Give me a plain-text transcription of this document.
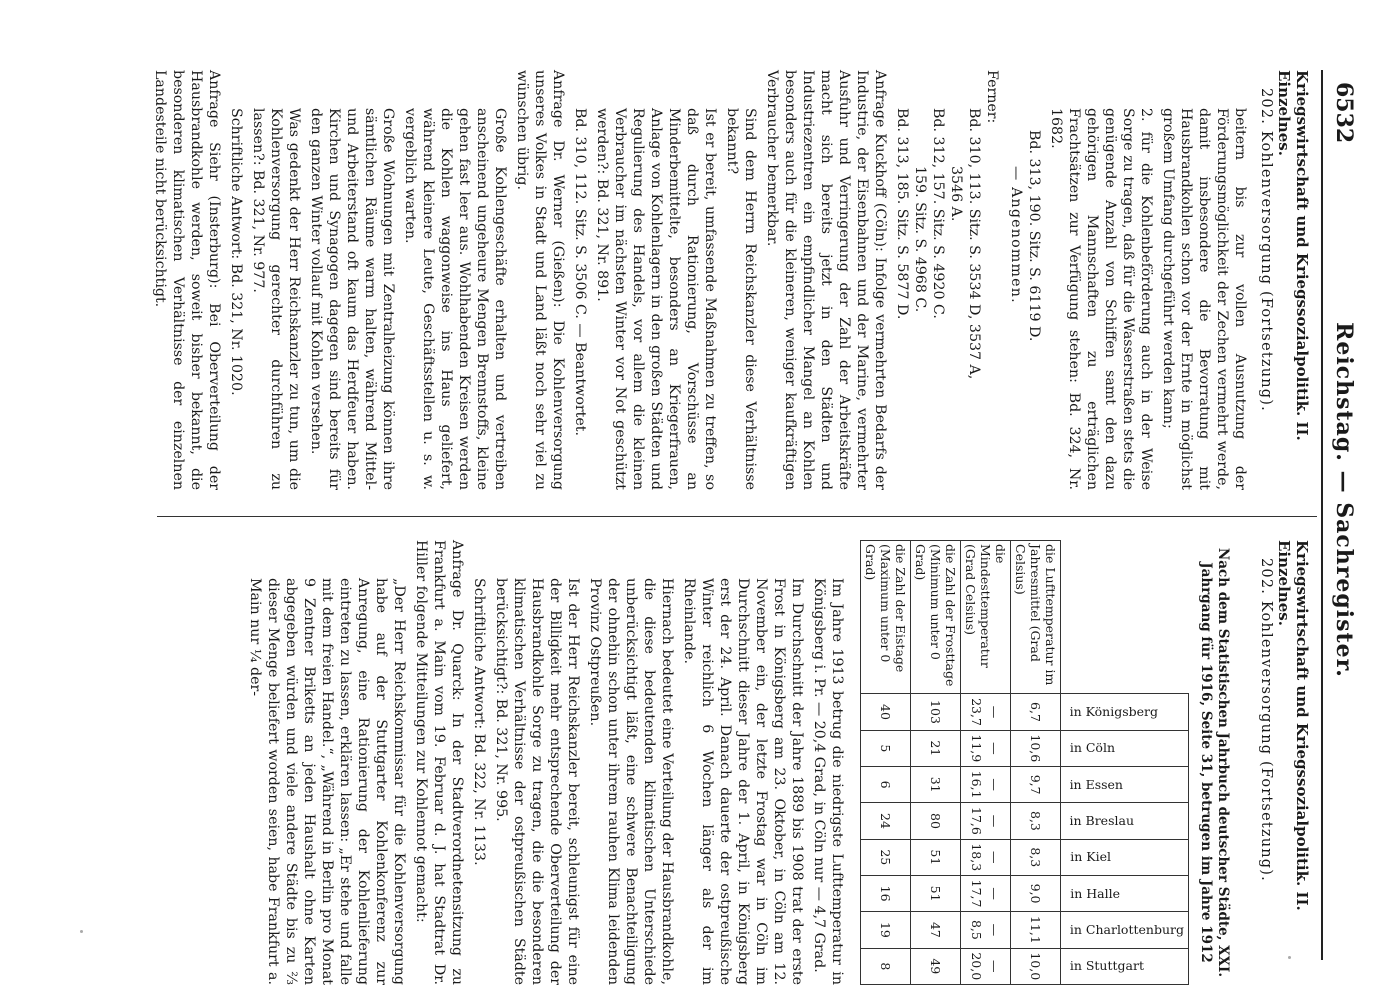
6532
Reichstag. — Sachregister.
Kriegswirtschaft und Kriegssozialpolitik. II. Einzelnes.
202. Kohlenversorgung (Fortsetzung).

beitern bis zur vollen Ausnutzung der Förderungsmöglichkeit der Zechen vermehrt werde, damit insbesondere die Bevorratung mit Hausbrandkohlen schon vor der Ernte in möglichst großem Umfang durchgeführt werden kann;

2. für die Kohlenbeförderung auch in der Weise Sorge zu tragen, daß für die Wasserstraßen stets die genügende Anzahl von Schiffen samt den dazu gehörigen Mannschaften zu erträglichen Frachtsätzen zur Verfügung stehen: Bd. 324, Nr. 1682.

Bd. 313, 190. Sitz. S. 6119 D.

— Angenommen.

Ferner:

Bd. 310, 113. Sitz. S. 3534 D, 3537 A,

3546 A.

Bd. 312, 157. Sitz. S. 4920 C.

159. Sitz. S. 4968 C.

Bd. 313, 185. Sitz. S. 5877 D.

Anfrage Kuckhoff (Cöln): Infolge vermehrten Bedarfs der Industrie, der Eisenbahnen und der Marine, vermehrter Ausfuhr und Verringerung der Zahl der Arbeitskräfte macht sich bereits jetzt in den Städten und Industriezentren ein empfindlicher Mangel an Kohlen besonders auch für die kleineren, weniger kaufkräftigen Verbraucher bemerkbar.

Sind dem Herrn Reichskanzler diese Verhältnisse bekannt?

Ist er bereit, umfassende Maßnahmen zu treffen, so daß durch Rationierung, Vorschüsse an Minderbemittelte, besonders an Kriegerfrauen, Anlage von Kohlenlagern in den großen Städten und Regulierung des Handels, vor allem die kleinen Verbraucher im nächsten Winter vor Not geschützt werden?: Bd. 321, Nr. 891.

Bd. 310, 112. Sitz. S. 3506 C. — Beantwortet.

Anfrage Dr. Werner (Gießen): Die Kohlenversorgung unseres Volkes in Stadt und Land läßt noch sehr viel zu wünschen übrig.

Große Kohlengeschäfte erhalten und vertreiben anscheinend ungeheure Mengen Brennstoffs, kleine gehen fast leer aus. Wohlhabenden Kreisen werden die Kohlen waggonweise ins Haus geliefert, während kleinere Leute, Geschäftsstellen u. s. w. vergeblich warten.

Große Wohnungen mit Zentralheizung können ihre sämtlichen Räume warm halten, während Mittel- und Arbeiterstand oft kaum das Herdfeuer haben. Kirchen und Synagogen dagegen sind bereits für den ganzen Winter vollauf mit Kohlen versehen.

Was gedenkt der Herr Reichskanzler zu tun, um die Kohlenversorgung gerechter durchführen zu lassen?: Bd. 321, Nr. 977.

Schriftliche Antwort: Bd. 321, Nr. 1020.

Anfrage Siehr (Insterburg): Bei Oberverteilung der Hausbrandkohle werden, soweit bisher bekannt, die besonderen klimatischen Verhältnisse der einzelnen Landesteile nicht berücksichtigt.

Kriegswirtschaft und Kriegssozialpolitik. II. Einzelnes.
202. Kohlenversorgung (Fortsetzung).
Nach dem Statistischen Jahrbuch deutscher Städte, XXI. Jahrgang für 1916, Seite 31, betrugen im Jahre 1912
	in Königsberg	in Cöln	in Essen	in Breslau	in Kiel	in Halle	in Charlottenburg	in Stuttgart
die Lufttemperatur im Jahresmittel (Grad Celsius)	6,7	10,6	9,7	8,3	8,3	9,0	11,1	10,0
die Mindesttemperatur (Grad Celsius)	— 23,7	— 11,9	— 16,1	— 17,6	— 18,3	— 17,7	— 8,5	— 20,0
die Zahl der Frosttage (Minimum unter 0 Grad)	103	21	31	80	51	51	47	49
die Zahl der Eistage (Maximum unter 0 Grad)	40	5	6	24	25	16	19	8

Im Jahre 1913 betrug die niedrigste Lufttemperatur in Königsberg i. Pr. — 20,4 Grad, in Cöln nur — 4,7 Grad.

Im Durchschnitt der Jahre 1889 bis 1908 trat der erste Frost in Königsberg am 23. Oktober, in Cöln am 12. November ein, der letzte Frostag war in Cöln im Durchschnitt dieser Jahre der 1. April, in Königsberg erst der 24. April. Danach dauerte der ostpreußische Winter reichlich 6 Wochen länger als der im Rheinlande.

Hiernach bedeutet eine Verteilung der Hausbrandkohle, die diese bedeutenden klimatischen Unterschiede unberücksichtigt läßt, eine schwere Benachteiligung der ohnehin schon unter ihrem rauhen Klima leidenden Provinz Ostpreußen.

Ist der Herr Reichskanzler bereit, schleunigst für eine der Billigkeit mehr entsprechende Oberverteilung der Hausbrandkohle Sorge zu tragen, die die besonderen klimatischen Verhältnisse der ostpreußischen Städte berücksichtigt?: Bd. 321, Nr. 995.

Schriftliche Antwort: Bd. 322, Nr. 1133.

Anfrage Dr. Quarck: In der Stadtverordnetensitzung zu Frankfurt a. Main vom 19. Februar d. J. hat Stadtrat Dr. Hiller folgende Mitteilungen zur Kohlennot gemacht:

„Der Herr Reichskommissar für die Kohlenversorgung habe auf der Stuttgarter Kohlenkonferenz zur Anregung, eine Rationierung der Kohlenlieferung eintreten zu lassen, erklären lassen: „Er stehe und falle mit dem freien Handel.“, „Während in Berlin pro Monat 9 Zentner Briketts an jeden Haushalt ohne Karten abgegeben würden und viele andere Städte bis zu ⅔ dieser Menge beliefert worden seien, habe Frankfurt a. Main nur ¼ der-
